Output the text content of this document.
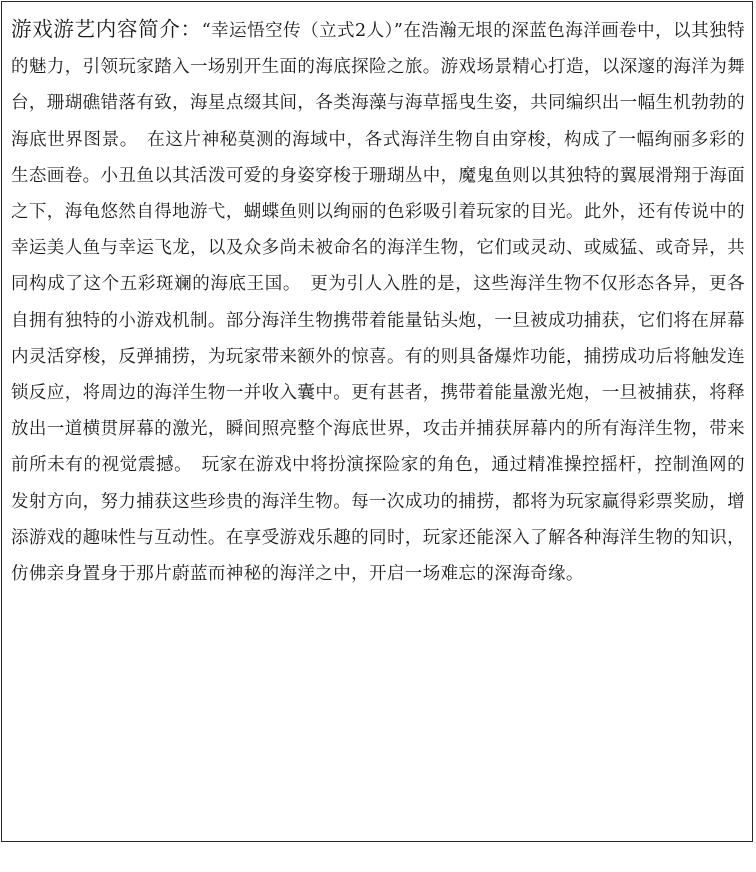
游戏游艺内容简介：“幸运悟空传（立式2人）”在浩瀚无垠的深蓝色海洋画卷中，以其独特的魅力，引领玩家踏入一场别开生面的海底探险之旅。游戏场景精心打造，以深邃的海洋为舞台，珊瑚礁错落有致，海星点缀其间，各类海藻与海草摇曳生姿，共同编织出一幅生机勃勃的海底世界图景。　在这片神秘莫测的海域中，各式海洋生物自由穿梭，构成了一幅绚丽多彩的生态画卷。小丑鱼以其活泼可爱的身姿穿梭于珊瑚丛中，魔鬼鱼则以其独特的翼展滑翔于海面之下，海龟悠然自得地游弋，蝴蝶鱼则以绚丽的色彩吸引着玩家的目光。此外，还有传说中的幸运美人鱼与幸运飞龙，以及众多尚未被命名的海洋生物，它们或灵动、或威猛、或奇异，共同构成了这个五彩斑斓的海底王国。　更为引人入胜的是，这些海洋生物不仅形态各异，更各自拥有独特的小游戏机制。部分海洋生物携带着能量钻头炮，一旦被成功捕获，它们将在屏幕内灵活穿梭，反弹捕捞，为玩家带来额外的惊喜。有的则具备爆炸功能，捕捞成功后将触发连锁反应，将周边的海洋生物一并收入囊中。更有甚者，携带着能量激光炮，一旦被捕获，将释放出一道横贯屏幕的激光，瞬间照亮整个海底世界，攻击并捕获屏幕内的所有海洋生物，带来前所未有的视觉震撼。　玩家在游戏中将扮演探险家的角色，通过精准操控摇杆，控制渔网的发射方向，努力捕获这些珍贵的海洋生物。每一次成功的捕捞，都将为玩家赢得彩票奖励，增添游戏的趣味性与互动性。在享受游戏乐趣的同时，玩家还能深入了解各种海洋生物的知识，仿佛亲身置身于那片蔚蓝而神秘的海洋之中，开启一场难忘的深海奇缘。
